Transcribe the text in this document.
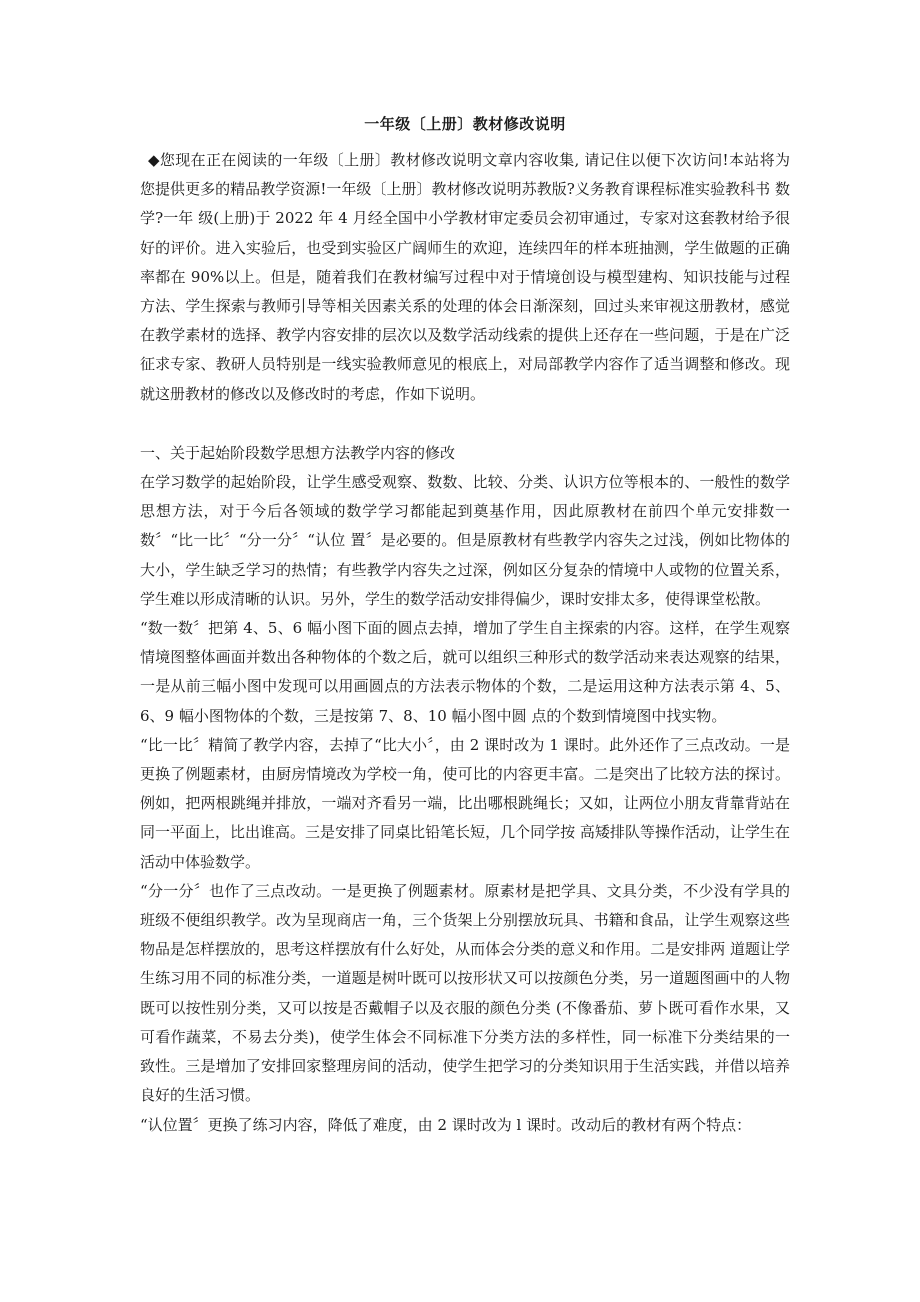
一年级〔上册〕教材修改说明

◆您现在正在阅读的一年级〔上册〕教材修改说明文章内容收集, 请记住以便下次访问!本站将为您提供更多的精品教学资源!一年级〔上册〕教材修改说明苏教版?义务教育课程标准实验教科书 数学?一年 级(上册)于 2022 年 4 月经全国中小学教材审定委员会初审通过，专家对这套教材给予很好的评价。进入实验后，也受到实验区广阔师生的欢迎，连续四年的样本班抽测，学生做题的正确率都在 90%以上。但是，随着我们在教材编写过程中对于情境创设与模型建构、知识技能与过程方法、学生探索与教师引导等相关因素关系的处理的体会日渐深刻，回过头来审视这册教材，感觉在教学素材的选择、教学内容安排的层次以及数学活动线索的提供上还存在一些问题，于是在广泛征求专家、教研人员特别是一线实验教师意见的根底上，对局部教学内容作了适当调整和修改。现就这册教材的修改以及修改时的考虑，作如下说明。

一、关于起始阶段数学思想方法教学内容的修改

在学习数学的起始阶段，让学生感受观察、数数、比较、分类、认识方位等根本的、一般性的数学思想方法，对于今后各领域的数学学习都能起到奠基作用，因此原教材在前四个单元安排数一数〞“比一比〞“分一分〞“认位 置〞是必要的。但是原教材有些教学内容失之过浅，例如比物体的大小，学生缺乏学习的热情；有些教学内容失之过深，例如区分复杂的情境中人或物的位置关系，学生难以形成清晰的认识。另外，学生的数学活动安排得偏少，课时安排太多，使得课堂松散。

“数一数〞把第 4、5、6 幅小图下面的圆点去掉，增加了学生自主探索的内容。这样，在学生观察情境图整体画面并数出各种物体的个数之后，就可以组织三种形式的数学活动来表达观察的结果，一是从前三幅小图中发现可以用画圆点的方法表示物体的个数，二是运用这种方法表示第 4、5、6、9 幅小图物体的个数，三是按第 7、8、10 幅小图中圆 点的个数到情境图中找实物。

“比一比〞精简了教学内容，去掉了“比大小〞，由 2 课时改为 1 课时。此外还作了三点改动。一是更换了例题素材，由厨房情境改为学校一角，使可比的内容更丰富。二是突出了比较方法的探讨。例如，把两根跳绳并排放，一端对齐看另一端，比出哪根跳绳长；又如，让两位小朋友背靠背站在同一平面上，比出谁高。三是安排了同桌比铅笔长短，几个同学按 高矮排队等操作活动，让学生在活动中体验数学。

“分一分〞也作了三点改动。一是更换了例题素材。原素材是把学具、文具分类，不少没有学具的班级不便组织教学。改为呈现商店一角，三个货架上分别摆放玩具、书籍和食品，让学生观察这些物品是怎样摆放的，思考这样摆放有什么好处，从而体会分类的意义和作用。二是安排两 道题让学生练习用不同的标准分类，一道题是树叶既可以按形状又可以按颜色分类，另一道题图画中的人物既可以按性别分类，又可以按是否戴帽子以及衣服的颜色分类 (不像番茄、萝卜既可看作水果，又可看作蔬菜，不易去分类)，使学生体会不同标准下分类方法的多样性，同一标准下分类结果的一致性。三是增加了安排回家整理房间的活动，使学生把学习的分类知识用于生活实践，并借以培养良好的生活习惯。

“认位置〞更换了练习内容，降低了难度，由 2 课时改为 l 课时。改动后的教材有两个特点：
